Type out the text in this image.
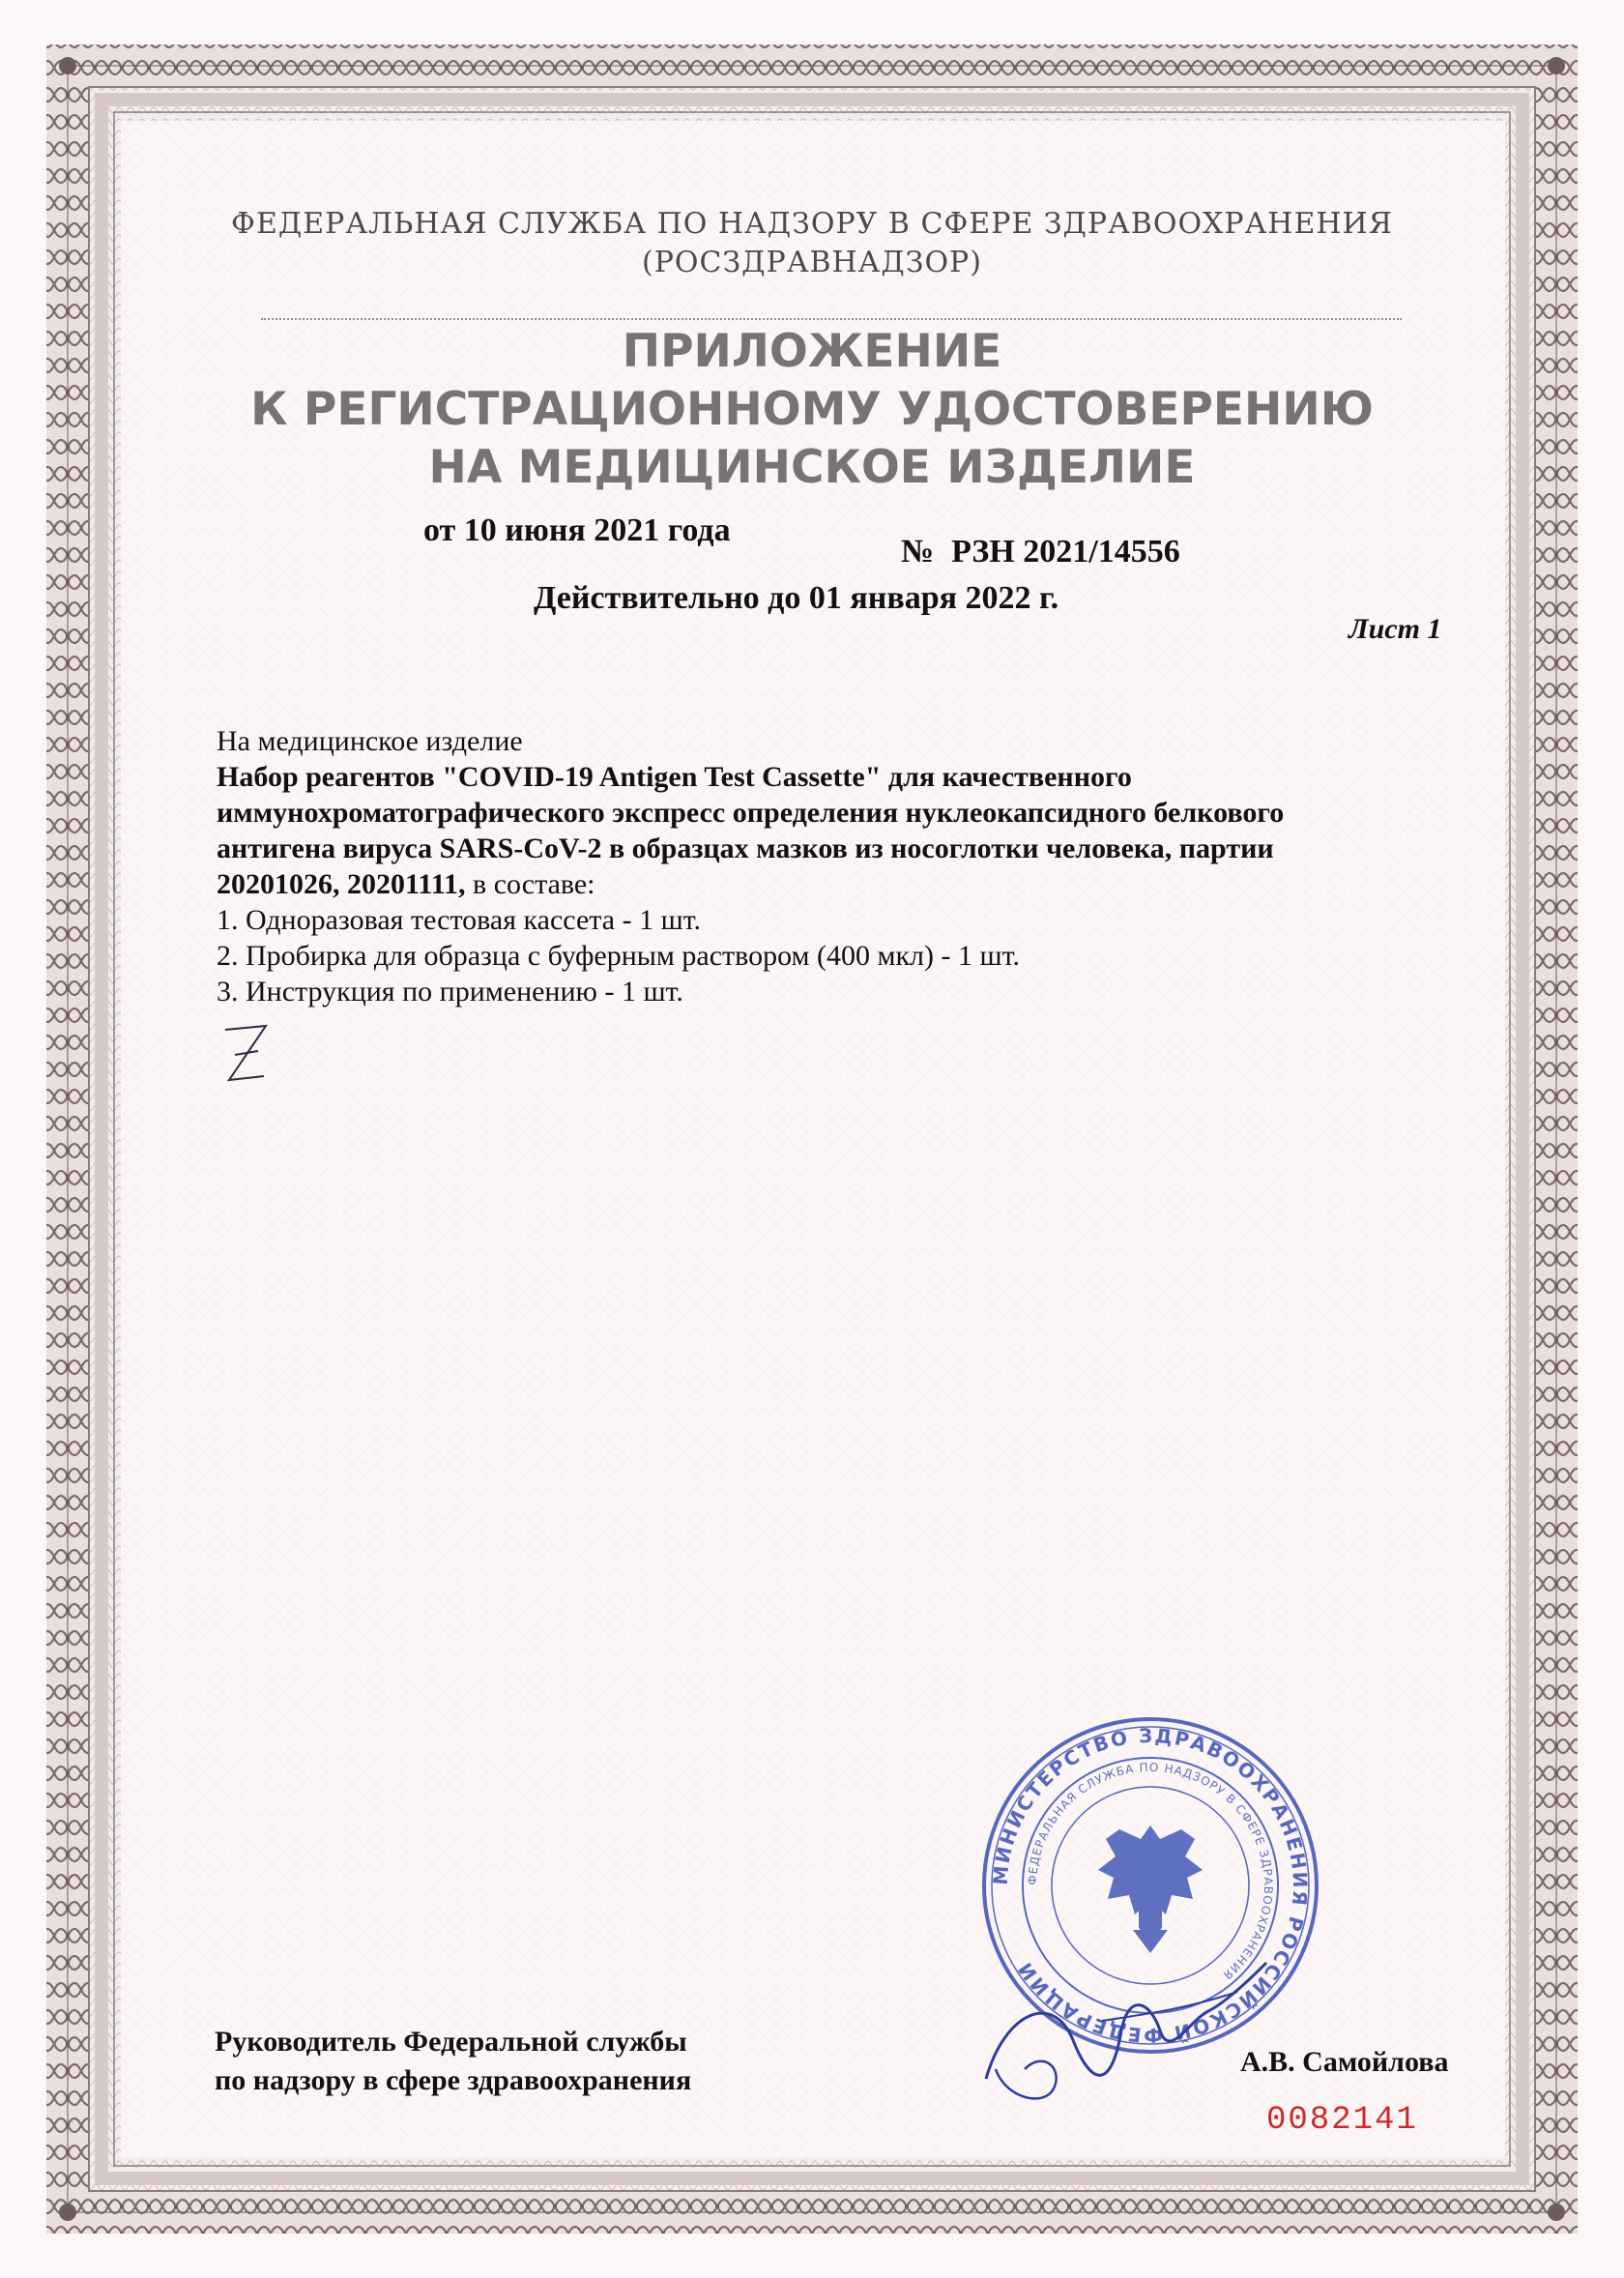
ФЕДЕРАЛЬНАЯ СЛУЖБА ПО НАДЗОРУ В СФЕРЕ ЗДРАВООХРАНЕНИЯ
(РОСЗДРАВНАДЗОР)
ПРИЛОЖЕНИЕ
К РЕГИСТРАЦИОННОМУ УДОСТОВЕРЕНИЮ
НА МЕДИЦИНСКОЕ ИЗДЕЛИЕ
от 10 июня 2021 года
№ РЗН 2021/14556
Действительно до 01 января 2022 г.
Лист 1

На медицинское изделие

Набор реагентов "COVID-19 Antigen Test Cassette" для качественного

иммунохроматографического экспресс определения нуклеокапсидного белкового

антигена вируса SARS-CoV-2 в образцах мазков из носоглотки человека, партии

20201026, 20201111, в составе:

1. Одноразовая тестовая кассета - 1 шт.

2. Пробирка для образца с буферным раствором (400 мкл) - 1 шт.

3. Инструкция по применению - 1 шт.

Руководитель Федеральной службы
по надзору в сфере здравоохранения
МИНИСТЕРСТВО ЗДРАВООХРАНЕНИЯ РОССИЙСКОЙ ФЕДЕРАЦИИ
ФЕДЕРАЛЬНАЯ СЛУЖБА ПО НАДЗОРУ В СФЕРЕ ЗДРАВООХРАНЕНИЯ
А.В. Самойлова
0082141
